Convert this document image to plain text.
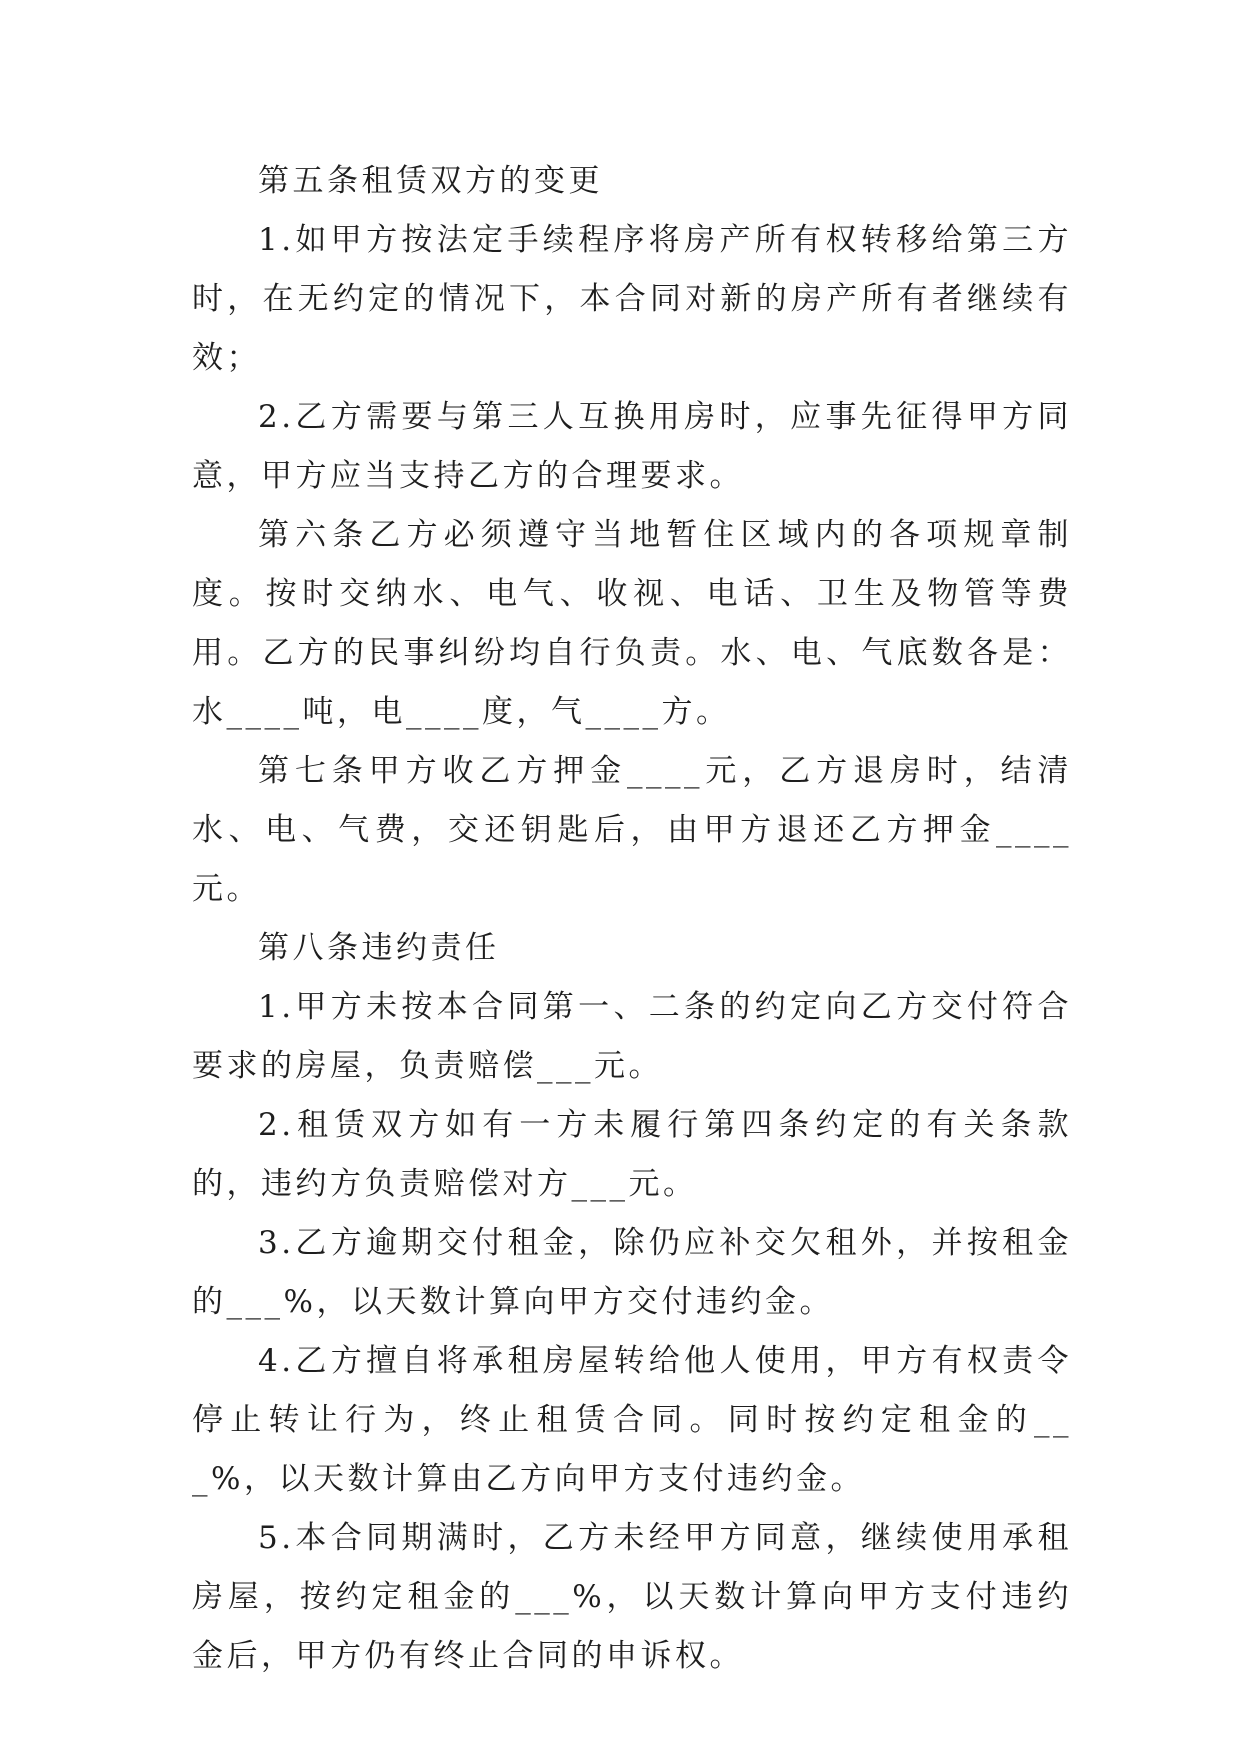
第五条租赁双方的变更

1.如甲方按法定手续程序将房产所有权转移给第三方时，在无约定的情况下，本合同对新的房产所有者继续有效；

2.乙方需要与第三人互换用房时，应事先征得甲方同意，甲方应当支持乙方的合理要求。

第六条乙方必须遵守当地暂住区域内的各项规章制度。按时交纳水、电气、收视、电话、卫生及物管等费用。乙方的民事纠纷均自行负责。水、电、气底数各是：水____吨，电____度，气____方。

第七条甲方收乙方押金____元，乙方退房时，结清水、电、气费，交还钥匙后，由甲方退还乙方押金____元。

第八条违约责任

1.甲方未按本合同第一、二条的约定向乙方交付符合要求的房屋，负责赔偿___元。

2.租赁双方如有一方未履行第四条约定的有关条款的，违约方负责赔偿对方___元。

3.乙方逾期交付租金，除仍应补交欠租外，并按租金的___%，以天数计算向甲方交付违约金。

4.乙方擅自将承租房屋转给他人使用，甲方有权责令停止转让行为，终止租赁合同。同时按约定租金的___%，以天数计算由乙方向甲方支付违约金。

5.本合同期满时，乙方未经甲方同意，继续使用承租房屋，按约定租金的___%，以天数计算向甲方支付违约金后，甲方仍有终止合同的申诉权。
